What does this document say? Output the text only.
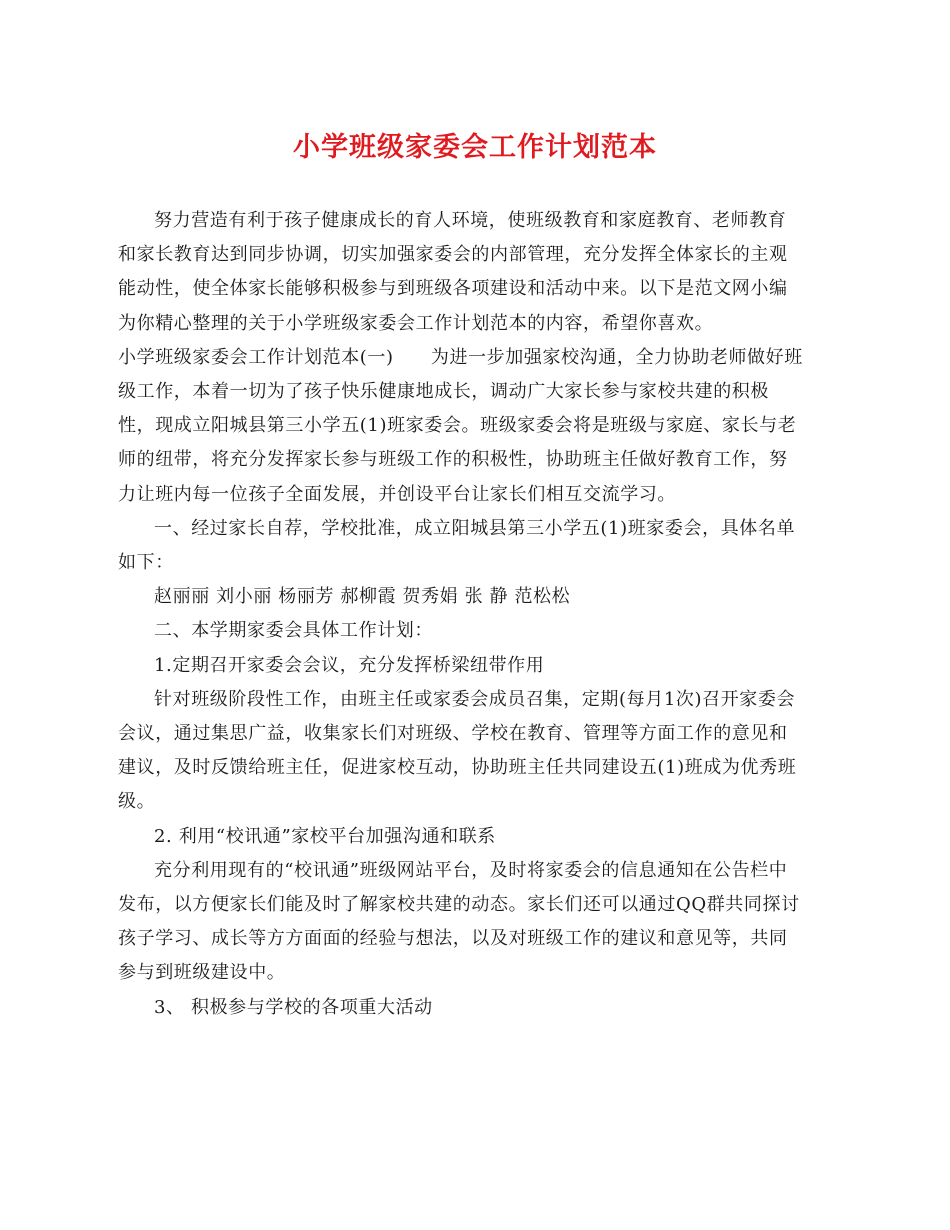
小学班级家委会工作计划范本

努力营造有利于孩子健康成长的育人环境，使班级教育和家庭教育、老师教育和家长教育达到同步协调，切实加强家委会的内部管理，充分发挥全体家长的主观能动性，使全体家长能够积极参与到班级各项建设和活动中来。以下是范文网小编为你精心整理的关于小学班级家委会工作计划范本的内容，希望你喜欢。

小学班级家委会工作计划范本(一)　　为进一步加强家校沟通，全力协助老师做好班级工作，本着一切为了孩子快乐健康地成长，调动广大家长参与家校共建的积极性，现成立阳城县第三小学五(1)班家委会。班级家委会将是班级与家庭、家长与老师的纽带，将充分发挥家长参与班级工作的积极性，协助班主任做好教育工作，努力让班内每一位孩子全面发展，并创设平台让家长们相互交流学习。

一、经过家长自荐，学校批准，成立阳城县第三小学五(1)班家委会，具体名单如下：

赵丽丽 刘小丽 杨丽芳 郝柳霞 贺秀娟 张 静 范松松

二、本学期家委会具体工作计划：

1.定期召开家委会会议，充分发挥桥梁纽带作用

针对班级阶段性工作，由班主任或家委会成员召集，定期(每月1次)召开家委会会议，通过集思广益，收集家长们对班级、学校在教育、管理等方面工作的意见和建议，及时反馈给班主任，促进家校互动，协助班主任共同建设五(1)班成为优秀班级。

2. 利用“校讯通”家校平台加强沟通和联系

充分利用现有的“校讯通”班级网站平台，及时将家委会的信息通知在公告栏中发布，以方便家长们能及时了解家校共建的动态。家长们还可以通过QQ群共同探讨孩子学习、成长等方方面面的经验与想法，以及对班级工作的建议和意见等，共同参与到班级建设中。

3、 积极参与学校的各项重大活动
